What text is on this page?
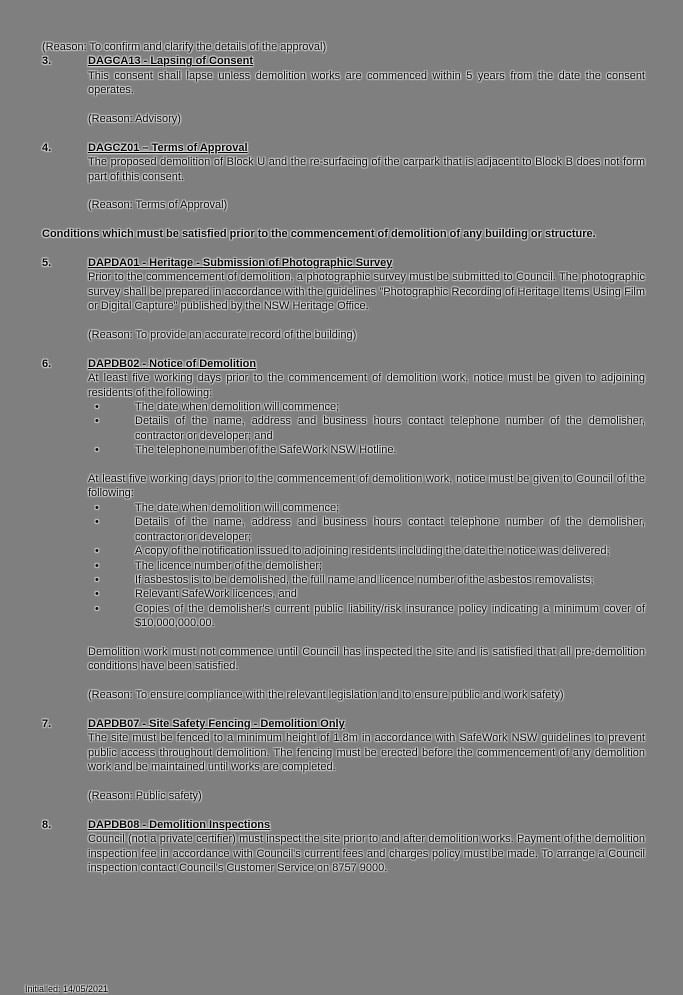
(Reason: To confirm and clarify the details of the approval)

3.	DAGCA13 - Lapsing of Consent

This consent shall lapse unless demolition works are commenced within 5 years from the date the consent operates.

(Reason: Advisory)

4.	DAGCZ01 – Terms of Approval

The proposed demolition of Block U and the re-surfacing of the carpark that is adjacent to Block B does not form part of this consent.

(Reason: Terms of Approval)

Conditions which must be satisfied prior to the commencement of demolition of any building or structure.

5.	DAPDA01 - Heritage - Submission of Photographic Survey

Prior to the commencement of demolition, a photographic survey must be submitted to Council. The photographic survey shall be prepared in accordance with the guidelines "Photographic Recording of Heritage Items Using Film or Digital Capture" published by the NSW Heritage Office.

(Reason: To provide an accurate record of the building)

6.	DAPDB02 - Notice of Demolition

At least five working days prior to the commencement of demolition work, notice must be given to adjoining residents of the following:

• The date when demolition will commence;
• Details of the name, address and business hours contact telephone number of the demolisher, contractor or developer; and
• The telephone number of the SafeWork NSW Hotline.

At least five working days prior to the commencement of demolition work, notice must be given to Council of the following:

• The date when demolition will commence;
• Details of the name, address and business hours contact telephone number of the demolisher, contractor or developer;
• A copy of the notification issued to adjoining residents including the date the notice was delivered;
• The licence number of the demolisher;
• If asbestos is to be demolished, the full name and licence number of the asbestos removalists;
• Relevant SafeWork licences, and
• Copies of the demolisher's current public liability/risk insurance policy indicating a minimum cover of $10,000,000.00.

Demolition work must not commence until Council has inspected the site and is satisfied that all pre-demolition conditions have been satisfied.

(Reason: To ensure compliance with the relevant legislation and to ensure public and work safety)

7.	DAPDB07 - Site Safety Fencing - Demolition Only

The site must be fenced to a minimum height of 1.8m in accordance with SafeWork NSW guidelines to prevent public access throughout demolition. The fencing must be erected before the commencement of any demolition work and be maintained until works are completed.

(Reason: Public safety)

8.	DAPDB08 - Demolition Inspections

Council (not a private certifier) must inspect the site prior to and after demolition works. Payment of the demolition inspection fee in accordance with Council's current fees and charges policy must be made. To arrange a Council inspection contact Council's Customer Service on 8757 9000.

Initialled: 14/05/2021
